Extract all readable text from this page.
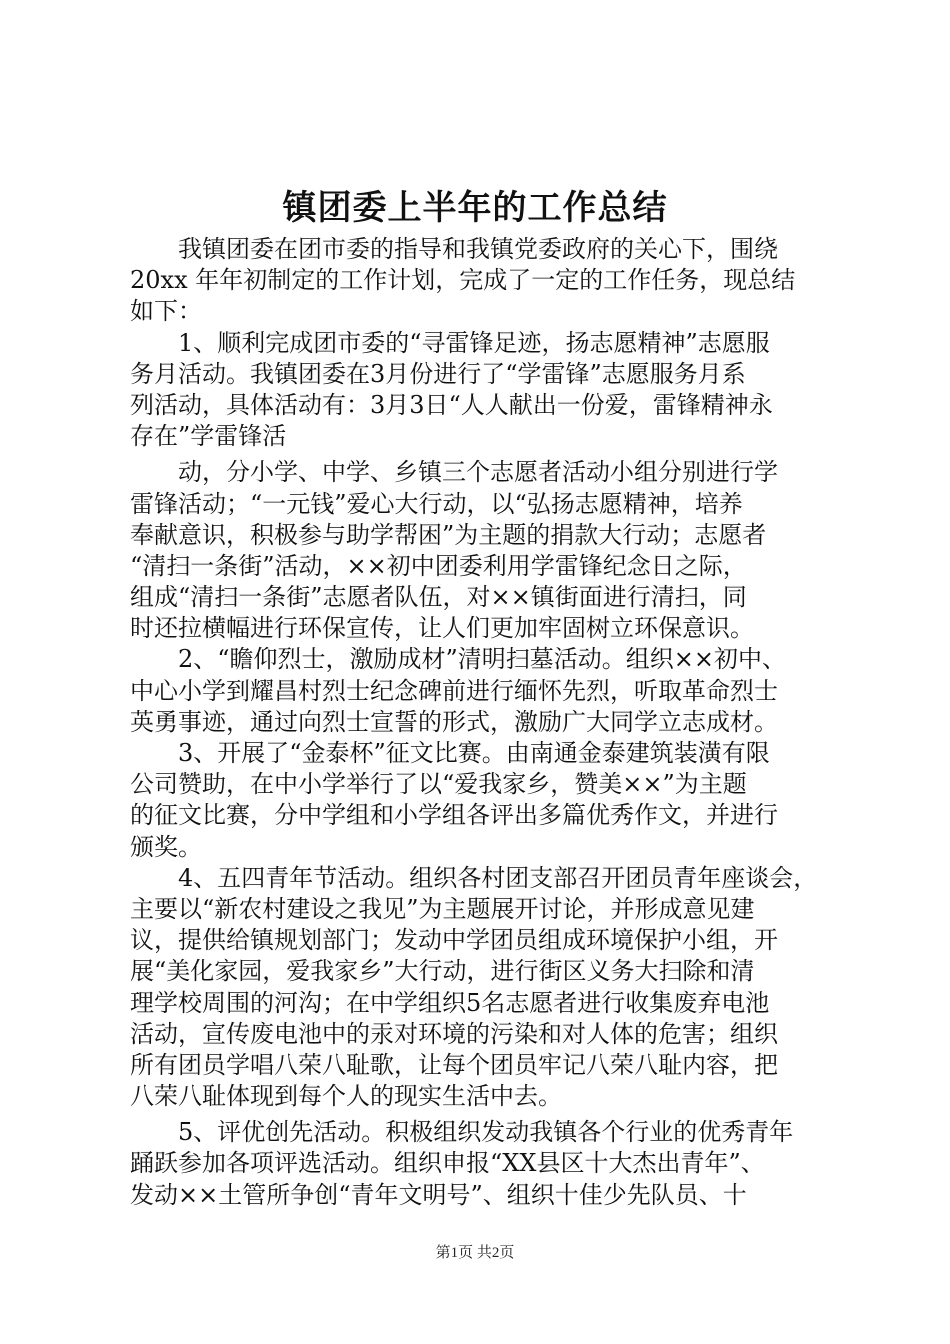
镇团委上半年的工作总结

我镇团委在团市委的指导和我镇党委政府的关心下，围绕

20xx 年年初制定的工作计划，完成了一定的工作任务，现总结

如下：

1、顺利完成团市委的“寻雷锋足迹，扬志愿精神”志愿服

务月活动。我镇团委在3月份进行了“学雷锋”志愿服务月系

列活动，具体活动有：3月3日“人人献出一份爱，雷锋精神永

存在”学雷锋活

动，分小学、中学、乡镇三个志愿者活动小组分别进行学

雷锋活动；“一元钱”爱心大行动，以“弘扬志愿精神，培养

奉献意识，积极参与助学帮困”为主题的捐款大行动；志愿者

“清扫一条街”活动，××初中团委利用学雷锋纪念日之际，

组成“清扫一条街”志愿者队伍，对××镇街面进行清扫，同

时还拉横幅进行环保宣传，让人们更加牢固树立环保意识。

2、“瞻仰烈士，激励成材”清明扫墓活动。组织××初中、

中心小学到耀昌村烈士纪念碑前进行缅怀先烈，听取革命烈士

英勇事迹，通过向烈士宣誓的形式，激励广大同学立志成材。

3、开展了“金泰杯”征文比赛。由南通金泰建筑装潢有限

公司赞助，在中小学举行了以“爱我家乡，赞美××”为主题

的征文比赛，分中学组和小学组各评出多篇优秀作文，并进行

颁奖。

4、五四青年节活动。组织各村团支部召开团员青年座谈会，

主要以“新农村建设之我见”为主题展开讨论，并形成意见建

议，提供给镇规划部门；发动中学团员组成环境保护小组，开

展“美化家园，爱我家乡”大行动，进行街区义务大扫除和清

理学校周围的河沟；在中学组织5名志愿者进行收集废弃电池

活动，宣传废电池中的汞对环境的污染和对人体的危害；组织

所有团员学唱八荣八耻歌，让每个团员牢记八荣八耻内容，把

八荣八耻体现到每个人的现实生活中去。

5、评优创先活动。积极组织发动我镇各个行业的优秀青年

踊跃参加各项评选活动。组织申报“XX县区十大杰出青年”、

发动××土管所争创“青年文明号”、组织十佳少先队员、十

第1页 共2页
